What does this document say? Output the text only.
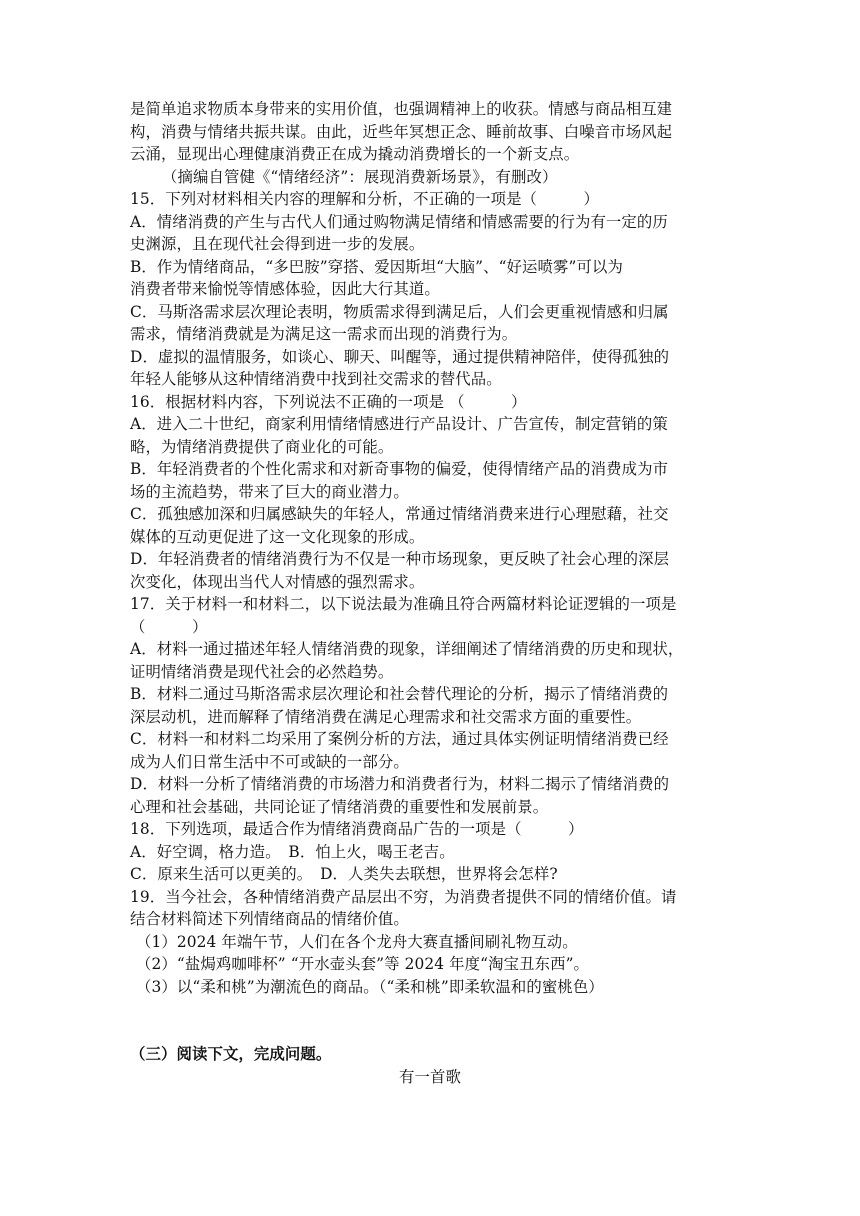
是简单追求物质本身带来的实用价值，也强调精神上的收获。情感与商品相互建

构，消费与情绪共振共谋。由此，近些年冥想正念、睡前故事、白噪音市场风起

云涌，显现出心理健康消费正在成为撬动消费增长的一个新支点。

（摘编自管健《“情绪经济”：展现消费新场景》，有删改）

15．下列对材料相关内容的理解和分析，不正确的一项是（　　　）

A．情绪消费的产生与古代人们通过购物满足情绪和情感需要的行为有一定的历

史渊源，且在现代社会得到进一步的发展。

B．作为情绪商品，“多巴胺”穿搭、爱因斯坦“大脑”、“好运喷雾”可以为

消费者带来愉悦等情感体验，因此大行其道。

C．马斯洛需求层次理论表明，物质需求得到满足后，人们会更重视情感和归属

需求，情绪消费就是为满足这一需求而出现的消费行为。

D．虚拟的温情服务，如谈心、聊天、叫醒等，通过提供精神陪伴，使得孤独的

年轻人能够从这种情绪消费中找到社交需求的替代品。

16．根据材料内容，下列说法不正确的一项是 （　　　）

A．进入二十世纪，商家利用情绪情感进行产品设计、广告宣传，制定营销的策

略，为情绪消费提供了商业化的可能。

B．年轻消费者的个性化需求和对新奇事物的偏爱，使得情绪产品的消费成为市

场的主流趋势，带来了巨大的商业潜力。

C．孤独感加深和归属感缺失的年轻人，常通过情绪消费来进行心理慰藉，社交

媒体的互动更促进了这一文化现象的形成。

D．年轻消费者的情绪消费行为不仅是一种市场现象，更反映了社会心理的深层

次变化，体现出当代人对情感的强烈需求。

17．关于材料一和材料二，以下说法最为准确且符合两篇材料论证逻辑的一项是

（　　　）

A．材料一通过描述年轻人情绪消费的现象，详细阐述了情绪消费的历史和现状，

证明情绪消费是现代社会的必然趋势。

B．材料二通过马斯洛需求层次理论和社会替代理论的分析，揭示了情绪消费的

深层动机，进而解释了情绪消费在满足心理需求和社交需求方面的重要性。

C．材料一和材料二均采用了案例分析的方法，通过具体实例证明情绪消费已经

成为人们日常生活中不可或缺的一部分。

D．材料一分析了情绪消费的市场潜力和消费者行为，材料二揭示了情绪消费的

心理和社会基础，共同论证了情绪消费的重要性和发展前景。

18．下列选项，最适合作为情绪消费商品广告的一项是（　　　）

A．好空调，格力造。　B．怕上火，喝王老吉。

C．原来生活可以更美的。　D．人类失去联想，世界将会怎样?

19．当今社会，各种情绪消费产品层出不穷，为消费者提供不同的情绪价值。请

结合材料简述下列情绪商品的情绪价值。

（1）2024 年端午节，人们在各个龙舟大赛直播间刷礼物互动。

（2）“盐焗鸡咖啡杯” “开水壶头套”等 2024 年度“淘宝丑东西”。

（3）以“柔和桃”为潮流色的商品。（“柔和桃”即柔软温和的蜜桃色）

（三）阅读下文，完成问题。

有一首歌
